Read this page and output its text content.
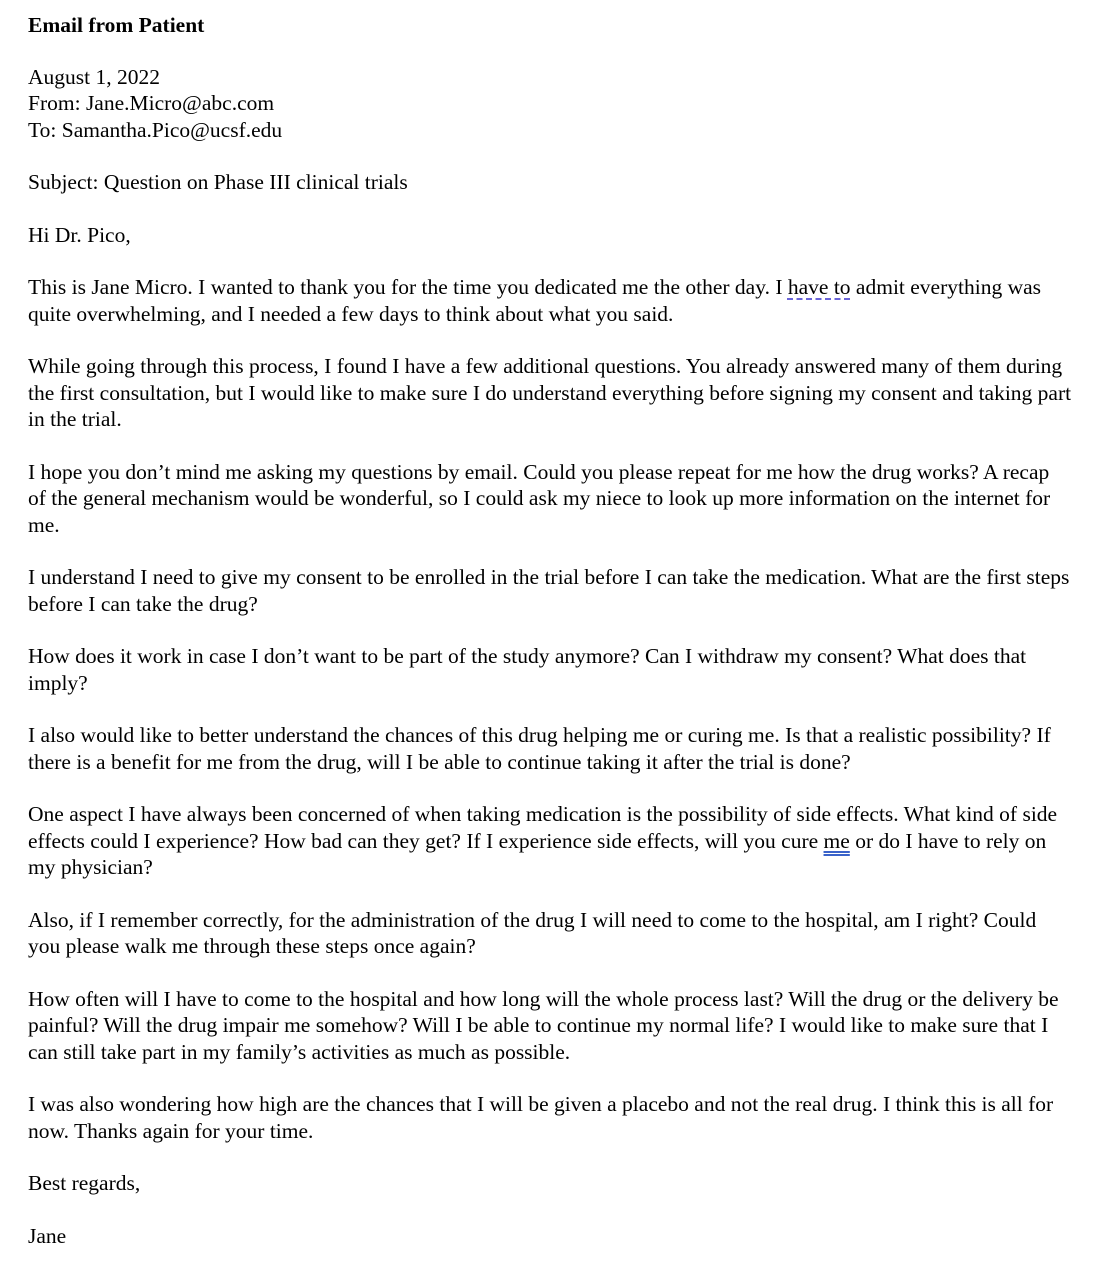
Email from Patient

August 1, 2022

From: Jane.Micro@abc.com

To: Samantha.Pico@ucsf.edu

Subject: Question on Phase III clinical trials

Hi Dr. Pico,

This is Jane Micro. I wanted to thank you for the time you dedicated me the other day. I have to admit everything was quite overwhelming, and I needed a few days to think about what you said.

While going through this process, I found I have a few additional questions. You already answered many of them during the first consultation, but I would like to make sure I do understand everything before signing my consent and taking part in the trial.

I hope you don’t mind me asking my questions by email. Could you please repeat for me how the drug works? A recap of the general mechanism would be wonderful, so I could ask my niece to look up more information on the internet for me.

I understand I need to give my consent to be enrolled in the trial before I can take the medication. What are the first steps before I can take the drug?

How does it work in case I don’t want to be part of the study anymore? Can I withdraw my consent? What does that imply?

I also would like to better understand the chances of this drug helping me or curing me. Is that a realistic possibility? If there is a benefit for me from the drug, will I be able to continue taking it after the trial is done?

One aspect I have always been concerned of when taking medication is the possibility of side effects. What kind of side effects could I experience? How bad can they get? If I experience side effects, will you cure me or do I have to rely on my physician?

Also, if I remember correctly, for the administration of the drug I will need to come to the hospital, am I right? Could you please walk me through these steps once again?

How often will I have to come to the hospital and how long will the whole process last? Will the drug or the delivery be painful? Will the drug impair me somehow? Will I be able to continue my normal life? I would like to make sure that I can still take part in my family’s activities as much as possible.

I was also wondering how high are the chances that I will be given a placebo and not the real drug. I think this is all for now. Thanks again for your time.

Best regards,

Jane
